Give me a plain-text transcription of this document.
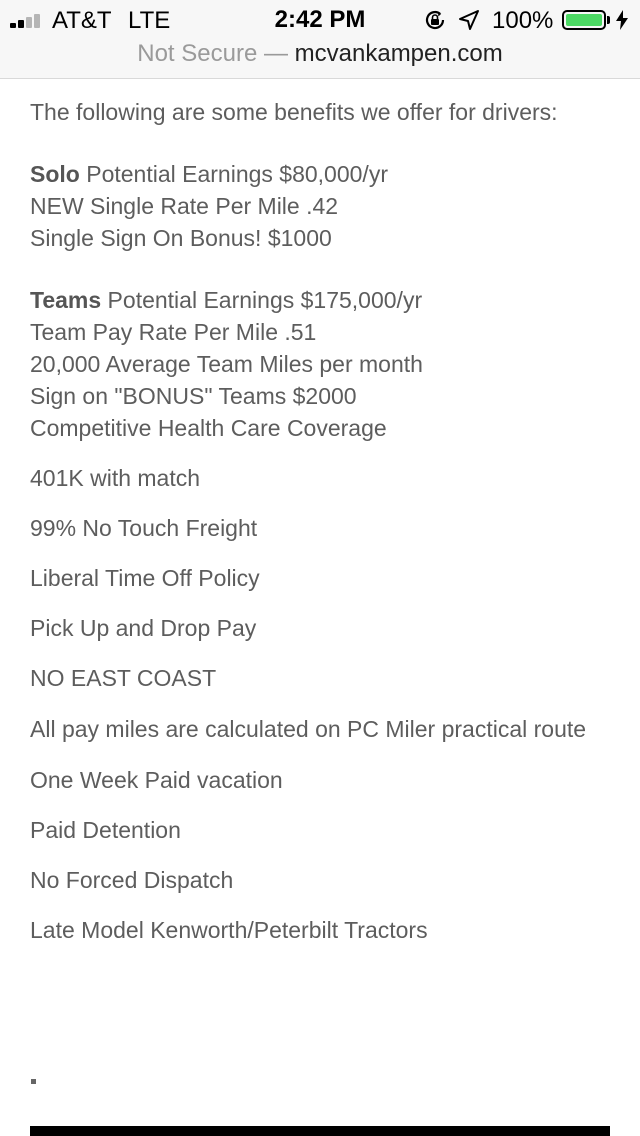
AT&T LTE	2:42 PM	100%
Not Secure — mcvankampen.com

The following are some benefits we offer for drivers:

Solo Potential Earnings $80,000/yr

NEW Single Rate Per Mile .42

Single Sign On Bonus! $1000

Teams Potential Earnings $175,000/yr

Team Pay Rate Per Mile .51

20,000 Average Team Miles per month

Sign on "BONUS" Teams $2000

Competitive Health Care Coverage

401K with match

99% No Touch Freight

Liberal Time Off Policy

Pick Up and Drop Pay

NO EAST COAST

All pay miles are calculated on PC Miler practical route

One Week Paid vacation

Paid Detention

No Forced Dispatch

Late Model Kenworth/Peterbilt Tractors
